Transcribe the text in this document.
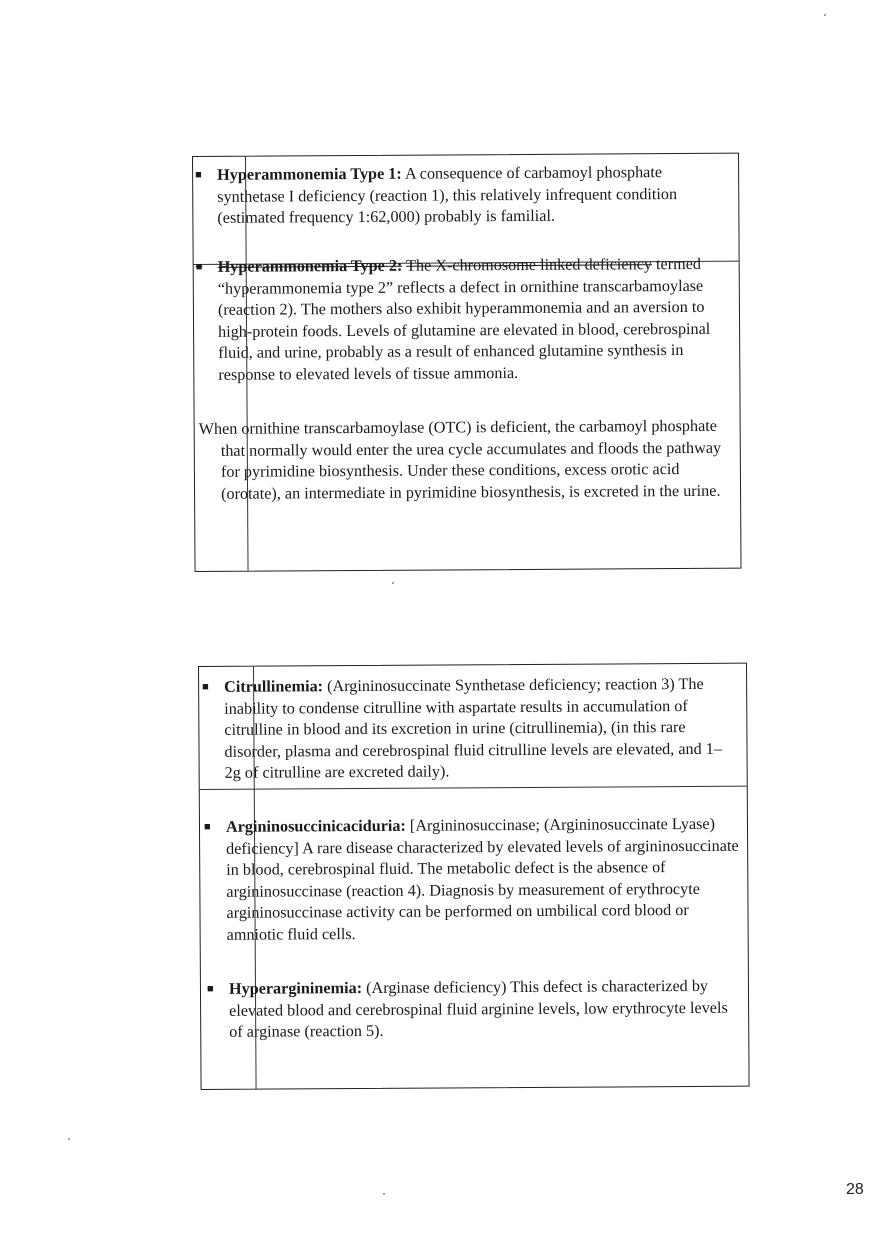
■ Hyperammonemia Type 1: A consequence of carbamoyl phosphate synthetase I deficiency (reaction 1), this relatively infrequent condition (estimated frequency 1:62,000) probably is familial.
■ Hyperammonemia Type 2: The X-chromosome linked deficiency termed “hyperammonemia type 2” reflects a defect in ornithine transcarbamoylase (reaction 2). The mothers also exhibit hyperammonemia and an aversion to high-protein foods. Levels of glutamine are elevated in blood, cerebrospinal fluid, and urine, probably as a result of enhanced glutamine synthesis in response to elevated levels of tissue ammonia.
When ornithine transcarbamoylase (OTC) is deficient, the carbamoyl phosphate that normally would enter the urea cycle accumulates and floods the pathway for pyrimidine biosynthesis. Under these conditions, excess orotic acid (orotate), an intermediate in pyrimidine biosynthesis, is excreted in the urine.
■ Citrullinemia: (Argininosuccinate Synthetase deficiency; reaction 3) The inability to condense citrulline with aspartate results in accumulation of citrulline in blood and its excretion in urine (citrullinemia), (in this rare disorder, plasma and cerebrospinal fluid citrulline levels are elevated, and 1–2g of citrulline are excreted daily).
■ Argininosuccinicaciduria: [Argininosuccinase; (Argininosuccinate Lyase) deficiency] A rare disease characterized by elevated levels of argininosuccinate in blood, cerebrospinal fluid. The metabolic defect is the absence of argininosuccinase (reaction 4). Diagnosis by measurement of erythrocyte argininosuccinase activity can be performed on umbilical cord blood or amniotic fluid cells.
■ Hyperargininemia: (Arginase deficiency) This defect is characterized by elevated blood and cerebrospinal fluid arginine levels, low erythrocyte levels of arginase (reaction 5).
28
